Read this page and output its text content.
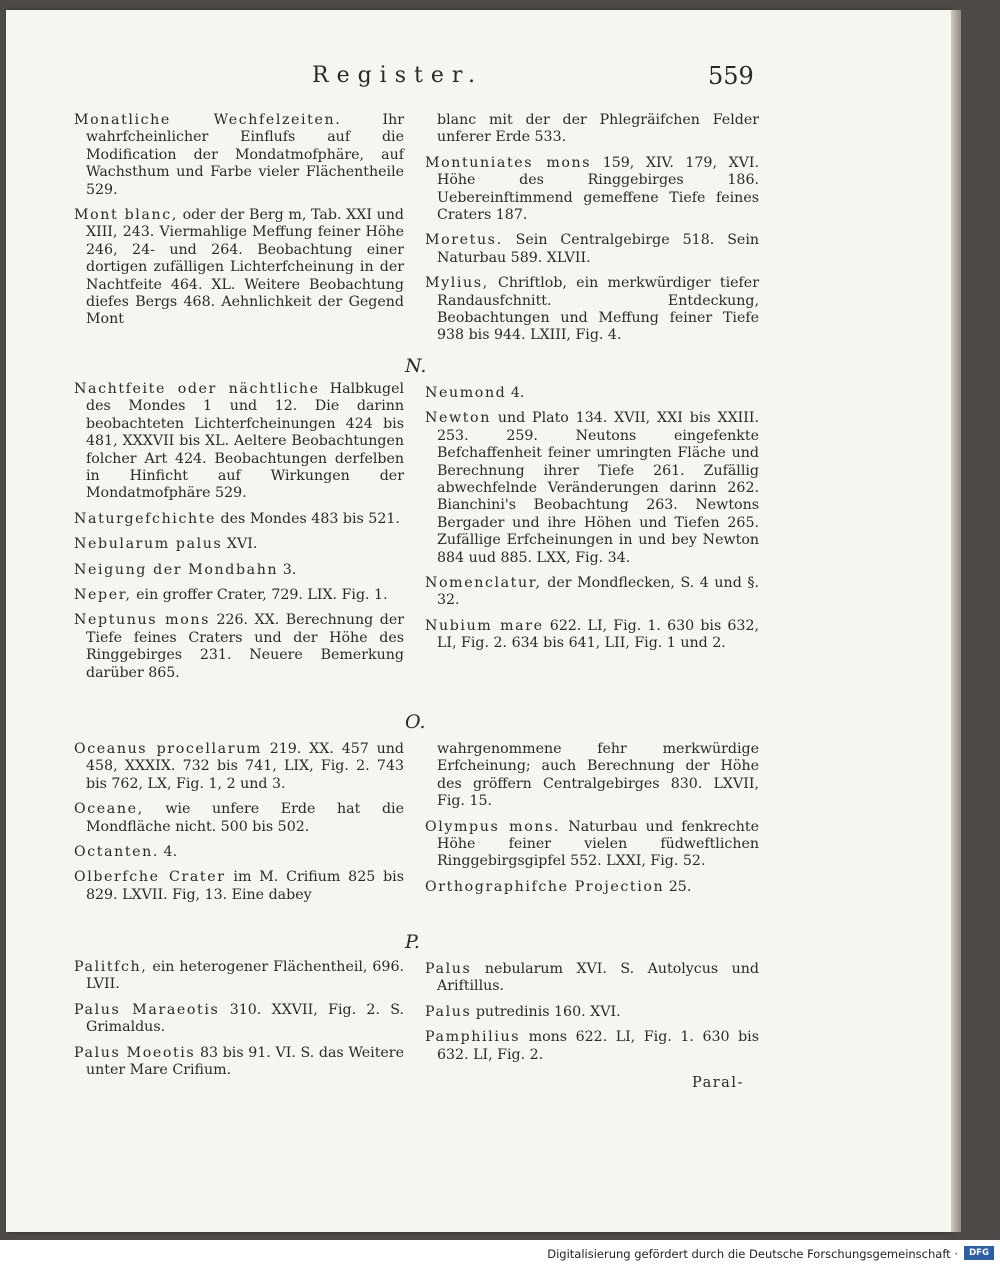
Register.	559
Monatliche Wechfelzeiten.	Ihr wahrfcheinlicher Einflufs auf die Modification der Mondatmofphäre, auf Wachsthum und Farbe vieler Flächentheile 529.
Mont blanc, oder der Berg m, Tab. XXI und XIII, 243. Viermahlige Meffung feiner Höhe 246, 24- und 264. Beobachtung einer dortigen zufälligen Lichterfcheinung in der Nachtfeite 464. XL. Weitere Beobachtung diefes Bergs 468. Aehnlichkeit der Gegend Mont
blanc mit der der Phlegräifchen Felder unferer Erde 533.
Montuniates mons 159, XIV. 179, XVI. Höhe des Ringgebirges 186. Uebereinftimmend gemeffene Tiefe feines Craters 187.
Moretus. Sein Centralgebirge 518. Sein Naturbau 589. XLVII.
Mylius, Chriftlob, ein merkwürdiger tiefer Randausfchnitt. Entdeckung, Beobachtungen und Meffung feiner Tiefe 938 bis 944. LXIII, Fig. 4.
N.
Nachtfeite oder nächtliche Halbkugel des Mondes 1 und 12. Die darinn beobachteten Lichterfcheinungen 424 bis 481, XXXVII bis XL. Aeltere Beobachtungen folcher Art 424. Beobachtungen derfelben in Hinficht auf Wirkungen der Mondatmofphäre 529.
Naturgefchichte des Mondes 483 bis 521.
Nebularum palus XVI.
Neigung der Mondbahn 3.
Neper, ein groffer Crater, 729. LIX. Fig. 1.
Neptunus mons 226. XX. Berechnung der Tiefe feines Craters und der Höhe des Ringgebirges 231. Neuere Bemerkung darüber 865.
Neumond 4.
Newton und Plato 134. XVII, XXI bis XXIII. 253. 259. Neutons eingefenkte Befchaffenheit feiner umringten Fläche und Berechnung ihrer Tiefe 261. Zufällig abwechfelnde Veränderungen darinn 262. Bianchini's Beobachtung 263. Newtons Bergader und ihre Höhen und Tiefen 265. Zufällige Erfcheinungen in und bey Newton 884 uud 885. LXX, Fig. 34.
Nomenclatur, der Mondflecken, S. 4 und §. 32.
Nubium mare 622. LI, Fig. 1. 630 bis 632, LI, Fig. 2. 634 bis 641, LII, Fig. 1 und 2.
O.
Oceanus procellarum 219. XX. 457 und 458, XXXIX. 732 bis 741, LIX, Fig. 2. 743 bis 762, LX, Fig. 1, 2 und 3.
Oceane, wie unfere Erde hat die Mondfläche nicht. 500 bis 502.
Octanten. 4.
Olberfche Crater im M. Crifium 825 bis 829. LXVII. Fig, 13. Eine dabey
wahrgenommene fehr merkwürdige Erfcheinung; auch Berechnung der Höhe des gröffern Centralgebirges 830. LXVII, Fig. 15.
Olympus mons. Naturbau und fenkrechte Höhe feiner vielen füdweftlichen Ringgebirgsgipfel 552. LXXI, Fig. 52.
Orthographifche Projection 25.
P.
Palitfch, ein heterogener Flächentheil, 696. LVII.
Palus Maraeotis 310. XXVII, Fig. 2. S. Grimaldus.
Palus Moeotis 83 bis 91. VI. S. das Weitere unter Mare Crifium.
Palus nebularum XVI. S. Autolycus und Ariftillus.
Palus putredinis 160. XVI.
Pamphilius mons 622. LI, Fig. 1. 630 bis 632. LI, Fig. 2.
Paral-
Digitalisierung gefördert durch die Deutsche Forschungsgemeinschaft ·	DFG
